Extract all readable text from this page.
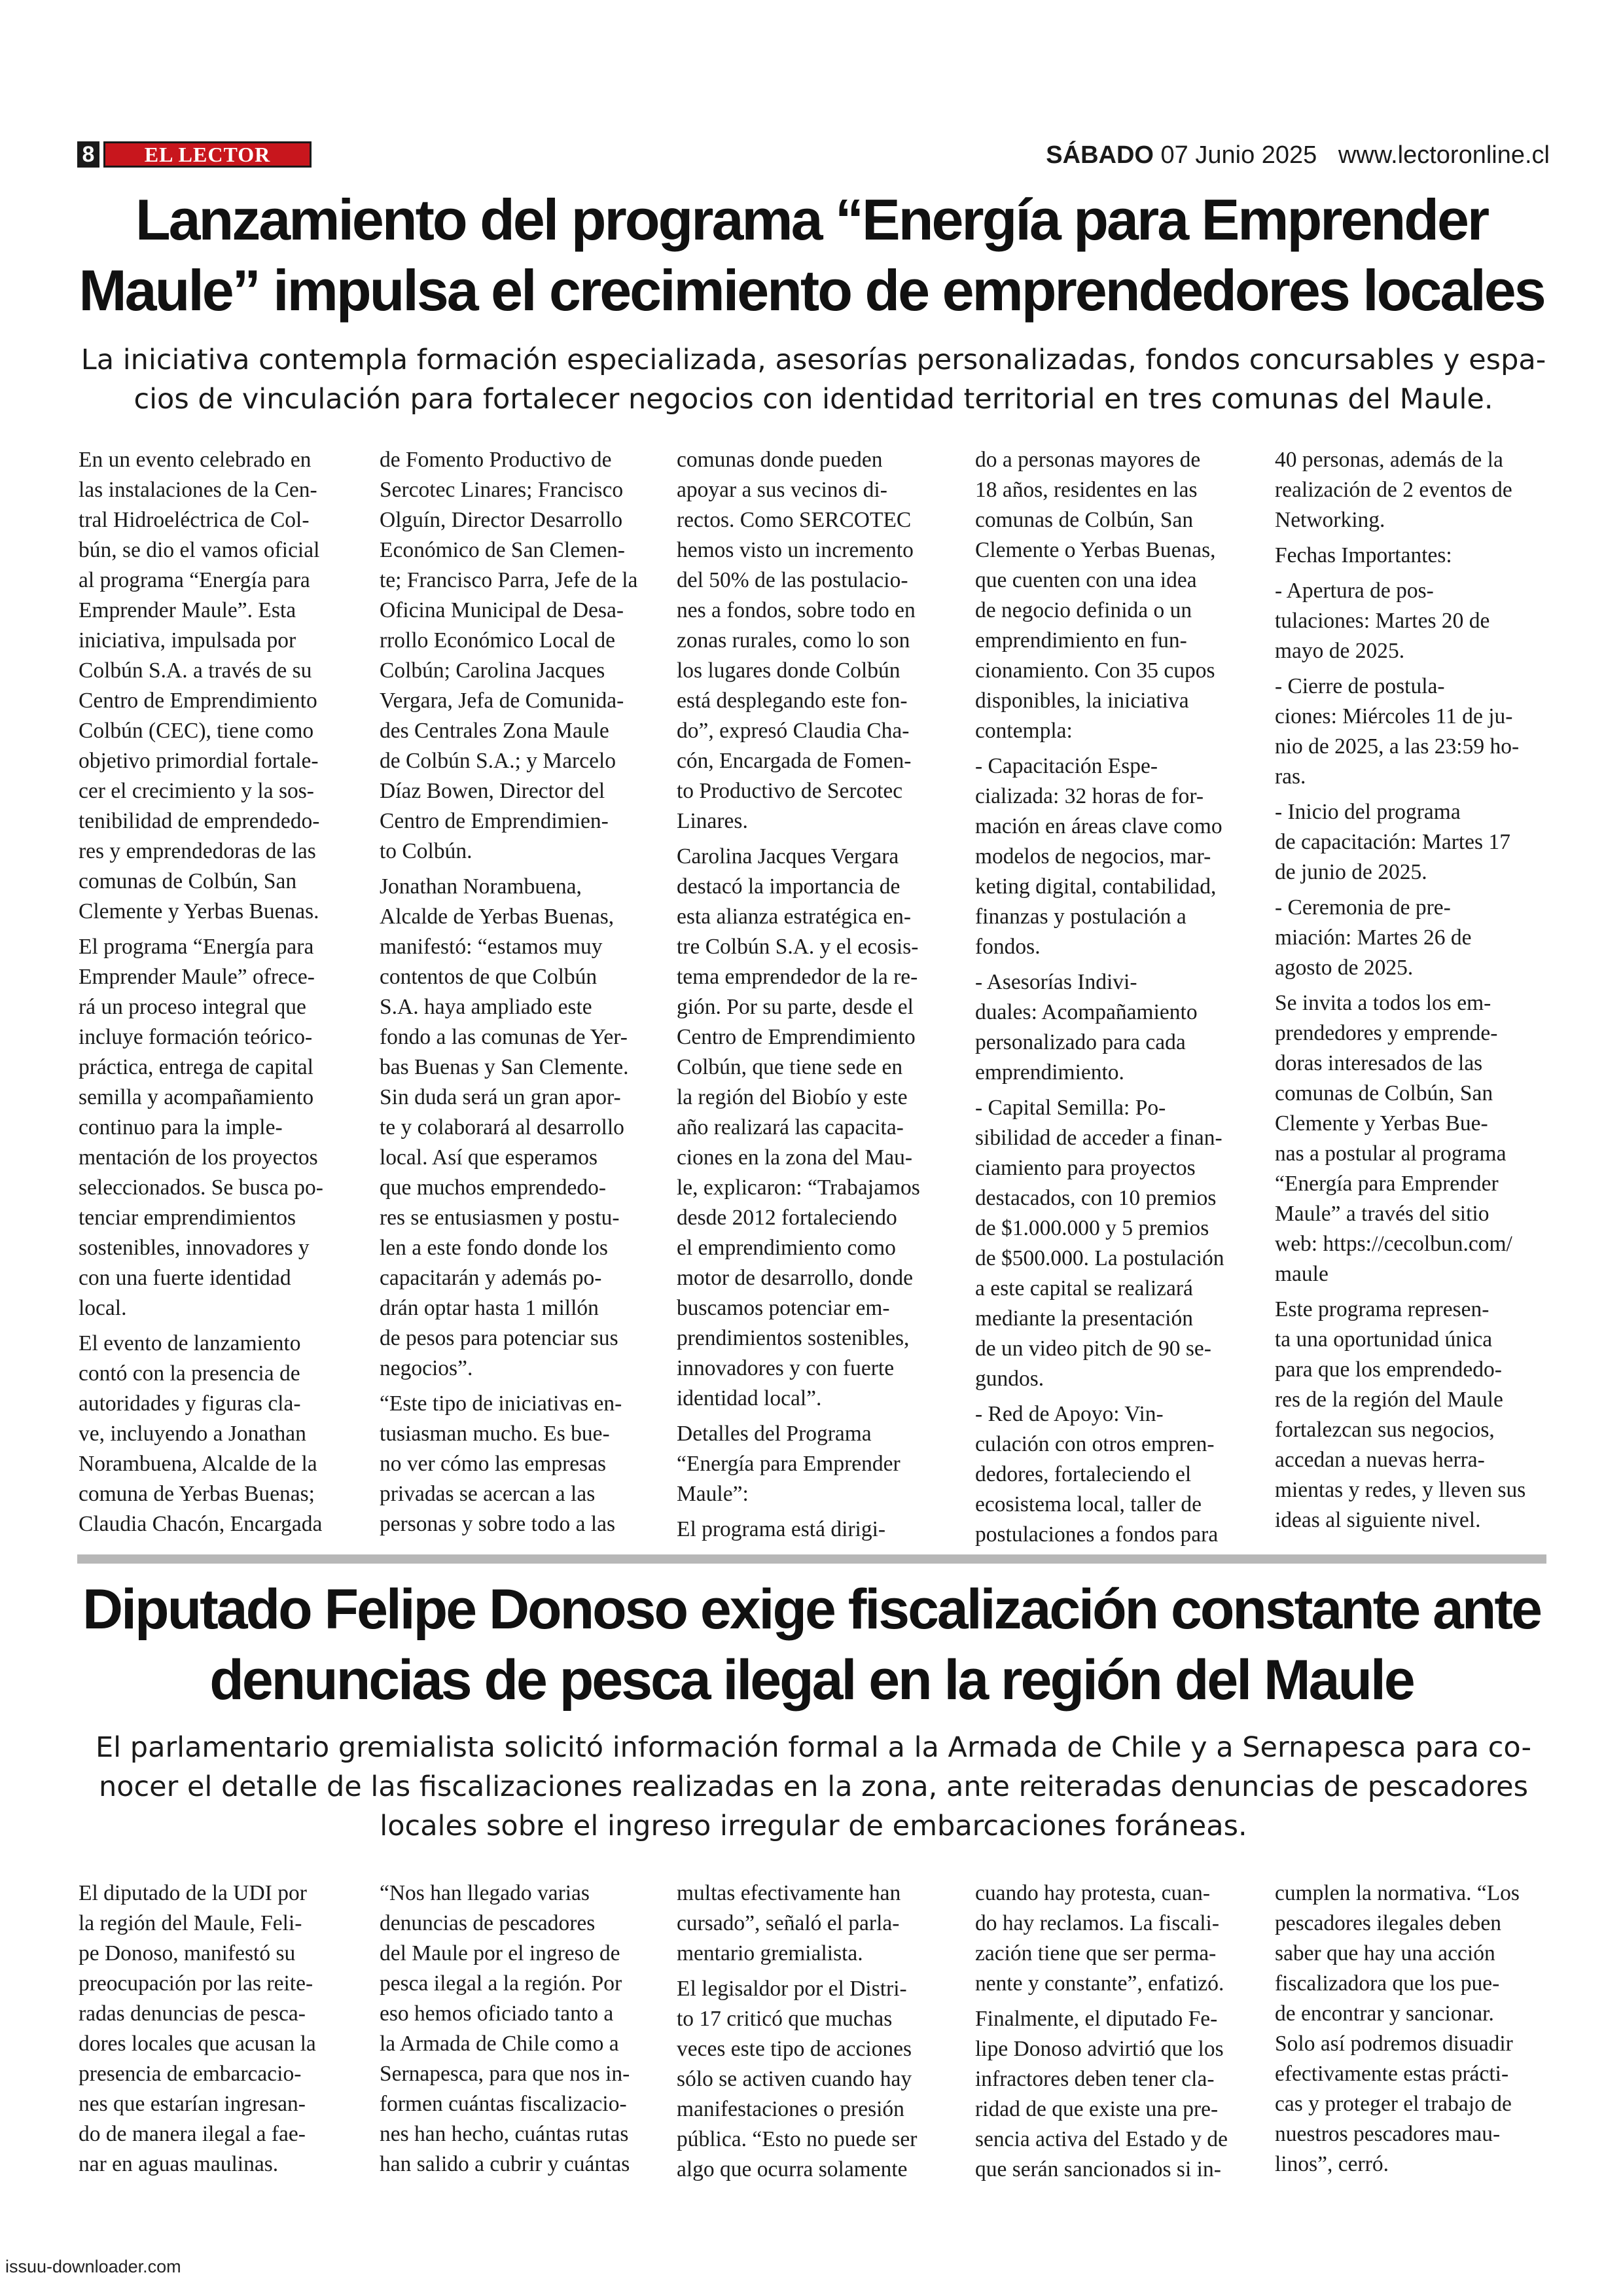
8	EL LECTOR	SÁBADO 07 Junio 2025 www.lectoronline.cl
Lanzamiento del programa “Energía para Emprender
Maule” impulsa el crecimiento de emprendedores locales
La iniciativa contempla formación especializada, asesorías personalizadas, fondos concursables y espa-
cios de vinculación para fortalecer negocios con identidad territorial en tres comunas del Maule.
En un evento celebrado en
las instalaciones de la Cen-
tral Hidroeléctrica de Col-
bún, se dio el vamos oficial
al programa “Energía para
Emprender Maule”. Esta
iniciativa, impulsada por
Colbún S.A. a través de su
Centro de Emprendimiento
Colbún (CEC), tiene como
objetivo primordial fortale-
cer el crecimiento y la sos-
tenibilidad de emprendedo-
res y emprendedoras de las
comunas de Colbún, San
Clemente y Yerbas Buenas.
El programa “Energía para
Emprender Maule” ofrece-
rá un proceso integral que
incluye formación teórico-
práctica, entrega de capital
semilla y acompañamiento
continuo para la imple-
mentación de los proyectos
seleccionados. Se busca po-
tenciar emprendimientos
sostenibles, innovadores y
con una fuerte identidad
local.
El evento de lanzamiento
contó con la presencia de
autoridades y figuras cla-
ve, incluyendo a Jonathan
Norambuena, Alcalde de la
comuna de Yerbas Buenas;
Claudia Chacón, Encargada
de Fomento Productivo de
Sercotec Linares; Francisco
Olguín, Director Desarrollo
Económico de San Clemen-
te; Francisco Parra, Jefe de la
Oficina Municipal de Desa-
rrollo Económico Local de
Colbún; Carolina Jacques
Vergara, Jefa de Comunida-
des Centrales Zona Maule
de Colbún S.A.; y Marcelo
Díaz Bowen, Director del
Centro de Emprendimien-
to Colbún.
Jonathan Norambuena,
Alcalde de Yerbas Buenas,
manifestó: “estamos muy
contentos de que Colbún
S.A. haya ampliado este
fondo a las comunas de Yer-
bas Buenas y San Clemente.
Sin duda será un gran apor-
te y colaborará al desarrollo
local. Así que esperamos
que muchos emprendedo-
res se entusiasmen y postu-
len a este fondo donde los
capacitarán y además po-
drán optar hasta 1 millón
de pesos para potenciar sus
negocios”.
“Este tipo de iniciativas en-
tusiasman mucho. Es bue-
no ver cómo las empresas
privadas se acercan a las
personas y sobre todo a las
comunas donde pueden
apoyar a sus vecinos di-
rectos. Como SERCOTEC
hemos visto un incremento
del 50% de las postulacio-
nes a fondos, sobre todo en
zonas rurales, como lo son
los lugares donde Colbún
está desplegando este fon-
do”, expresó Claudia Cha-
cón, Encargada de Fomen-
to Productivo de Sercotec
Linares.
Carolina Jacques Vergara
destacó la importancia de
esta alianza estratégica en-
tre Colbún S.A. y el ecosis-
tema emprendedor de la re-
gión. Por su parte, desde el
Centro de Emprendimiento
Colbún, que tiene sede en
la región del Biobío y este
año realizará las capacita-
ciones en la zona del Mau-
le, explicaron: “Trabajamos
desde 2012 fortaleciendo
el emprendimiento como
motor de desarrollo, donde
buscamos potenciar em-
prendimientos sostenibles,
innovadores y con fuerte
identidad local”.
Detalles del Programa
“Energía para Emprender
Maule”:
El programa está dirigi-
do a personas mayores de
18 años, residentes en las
comunas de Colbún, San
Clemente o Yerbas Buenas,
que cuenten con una idea
de negocio definida o un
emprendimiento en fun-
cionamiento. Con 35 cupos
disponibles, la iniciativa
contempla:
- Capacitación Espe-
cializada: 32 horas de for-
mación en áreas clave como
modelos de negocios, mar-
keting digital, contabilidad,
finanzas y postulación a
fondos.
- Asesorías Indivi-
duales: Acompañamiento
personalizado para cada
emprendimiento.
- Capital Semilla: Po-
sibilidad de acceder a finan-
ciamiento para proyectos
destacados, con 10 premios
de $1.000.000 y 5 premios
de $500.000. La postulación
a este capital se realizará
mediante la presentación
de un video pitch de 90 se-
gundos.
- Red de Apoyo: Vin-
culación con otros empren-
dedores, fortaleciendo el
ecosistema local, taller de
postulaciones a fondos para
40 personas, además de la
realización de 2 eventos de
Networking.
Fechas Importantes:
- Apertura de pos-
tulaciones: Martes 20 de
mayo de 2025.
- Cierre de postula-
ciones: Miércoles 11 de ju-
nio de 2025, a las 23:59 ho-
ras.
- Inicio del programa
de capacitación: Martes 17
de junio de 2025.
- Ceremonia de pre-
miación: Martes 26 de
agosto de 2025.
Se invita a todos los em-
prendedores y emprende-
doras interesados de las
comunas de Colbún, San
Clemente y Yerbas Bue-
nas a postular al programa
“Energía para Emprender
Maule” a través del sitio
web: https://cecolbun.com/
maule
Este programa represen-
ta una oportunidad única
para que los emprendedo-
res de la región del Maule
fortalezcan sus negocios,
accedan a nuevas herra-
mientas y redes, y lleven sus
ideas al siguiente nivel.
Diputado Felipe Donoso exige fiscalización constante ante
denuncias de pesca ilegal en la región del Maule
El parlamentario gremialista solicitó información formal a la Armada de Chile y a Sernapesca para co-
nocer el detalle de las fiscalizaciones realizadas en la zona, ante reiteradas denuncias de pescadores
locales sobre el ingreso irregular de embarcaciones foráneas.
El diputado de la UDI por
la región del Maule, Feli-
pe Donoso, manifestó su
preocupación por las reite-
radas denuncias de pesca-
dores locales que acusan la
presencia de embarcacio-
nes que estarían ingresan-
do de manera ilegal a fae-
nar en aguas maulinas.
“Nos han llegado varias
denuncias de pescadores
del Maule por el ingreso de
pesca ilegal a la región. Por
eso hemos oficiado tanto a
la Armada de Chile como a
Sernapesca, para que nos in-
formen cuántas fiscalizacio-
nes han hecho, cuántas rutas
han salido a cubrir y cuántas
multas efectivamente han
cursado”, señaló el parla-
mentario gremialista.
El legisaldor por el Distri-
to 17 criticó que muchas
veces este tipo de acciones
sólo se activen cuando hay
manifestaciones o presión
pública. “Esto no puede ser
algo que ocurra solamente
cuando hay protesta, cuan-
do hay reclamos. La fiscali-
zación tiene que ser perma-
nente y constante”, enfatizó.
Finalmente, el diputado Fe-
lipe Donoso advirtió que los
infractores deben tener cla-
ridad de que existe una pre-
sencia activa del Estado y de
que serán sancionados si in-
cumplen la normativa. “Los
pescadores ilegales deben
saber que hay una acción
fiscalizadora que los pue-
de encontrar y sancionar.
Solo así podremos disuadir
efectivamente estas prácti-
cas y proteger el trabajo de
nuestros pescadores mau-
linos”, cerró.
issuu-downloader.com
